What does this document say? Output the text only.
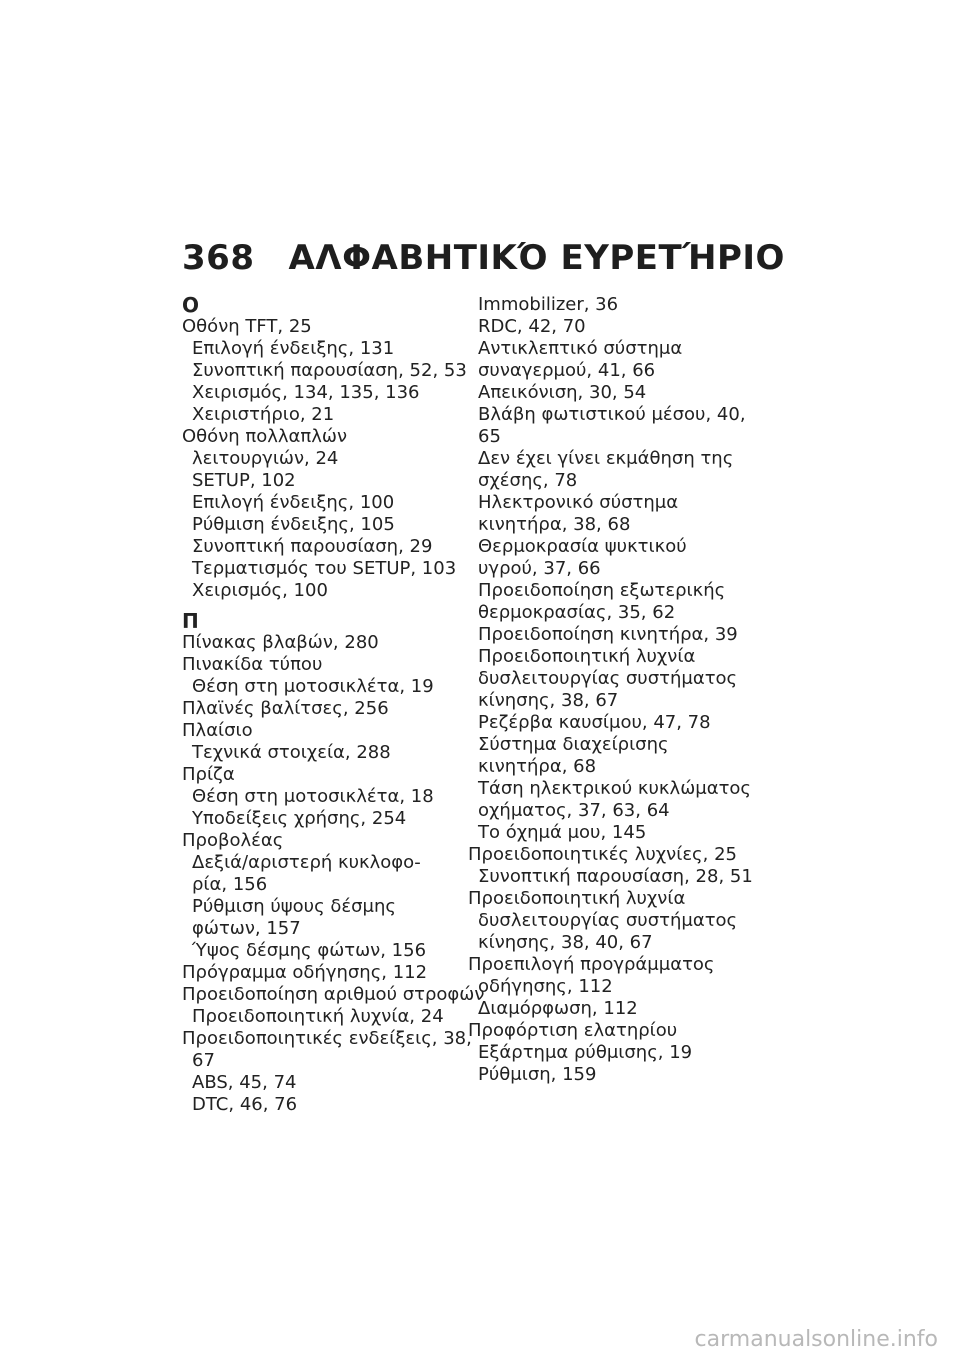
368 ΑΛΦΑΒΗΤΙΚΌ ΕΥΡΕΤΉΡΙΟ
Ο
Οθόνη TFT, 25
Επιλογή ένδειξης, 131
Συνοπτική παρουσίαση, 52, 53
Χειρισμός, 134, 135, 136
Χειριστήριο, 21
Οθόνη πολλαπλών
λειτουργιών, 24
SETUP, 102
Επιλογή ένδειξης, 100
Ρύθμιση ένδειξης, 105
Συνοπτική παρουσίαση, 29
Τερματισμός του SETUP, 103
Χειρισμός, 100
Π
Πίνακας βλαβών, 280
Πινακίδα τύπου
Θέση στη μοτοσικλέτα, 19
Πλαϊνές βαλίτσες, 256
Πλαίσιο
Τεχνικά στοιχεία, 288
Πρίζα
Θέση στη μοτοσικλέτα, 18
Υποδείξεις χρήσης, 254
Προβολέας
Δεξιά/αριστερή κυκλοφο-
ρία, 156
Ρύθμιση ύψους δέσμης
φώτων, 157
Ύψος δέσμης φώτων, 156
Πρόγραμμα οδήγησης, 112
Προειδοποίηση αριθμού στροφών
Προειδοποιητική λυχνία, 24
Προειδοποιητικές ενδείξεις, 38,
67
ABS, 45, 74
DTC, 46, 76
Immobilizer, 36
RDC, 42, 70
Αντικλεπτικό σύστημα
συναγερμού, 41, 66
Απεικόνιση, 30, 54
Βλάβη φωτιστικού μέσου, 40,
65
Δεν έχει γίνει εκμάθηση της
σχέσης, 78
Ηλεκτρονικό σύστημα
κινητήρα, 38, 68
Θερμοκρασία ψυκτικού
υγρού, 37, 66
Προειδοποίηση εξωτερικής
θερμοκρασίας, 35, 62
Προειδοποίηση κινητήρα, 39
Προειδοποιητική λυχνία
δυσλειτουργίας συστήματος
κίνησης, 38, 67
Ρεζέρβα καυσίμου, 47, 78
Σύστημα διαχείρισης
κινητήρα, 68
Τάση ηλεκτρικού κυκλώματος
οχήματος, 37, 63, 64
Το όχημά μου, 145
Προειδοποιητικές λυχνίες, 25
Συνοπτική παρουσίαση, 28, 51
Προειδοποιητική λυχνία
δυσλειτουργίας συστήματος
κίνησης, 38, 40, 67
Προεπιλογή προγράμματος
οδήγησης, 112
Διαμόρφωση, 112
Προφόρτιση ελατηρίου
Εξάρτημα ρύθμισης, 19
Ρύθμιση, 159
carmanualsonline.info
